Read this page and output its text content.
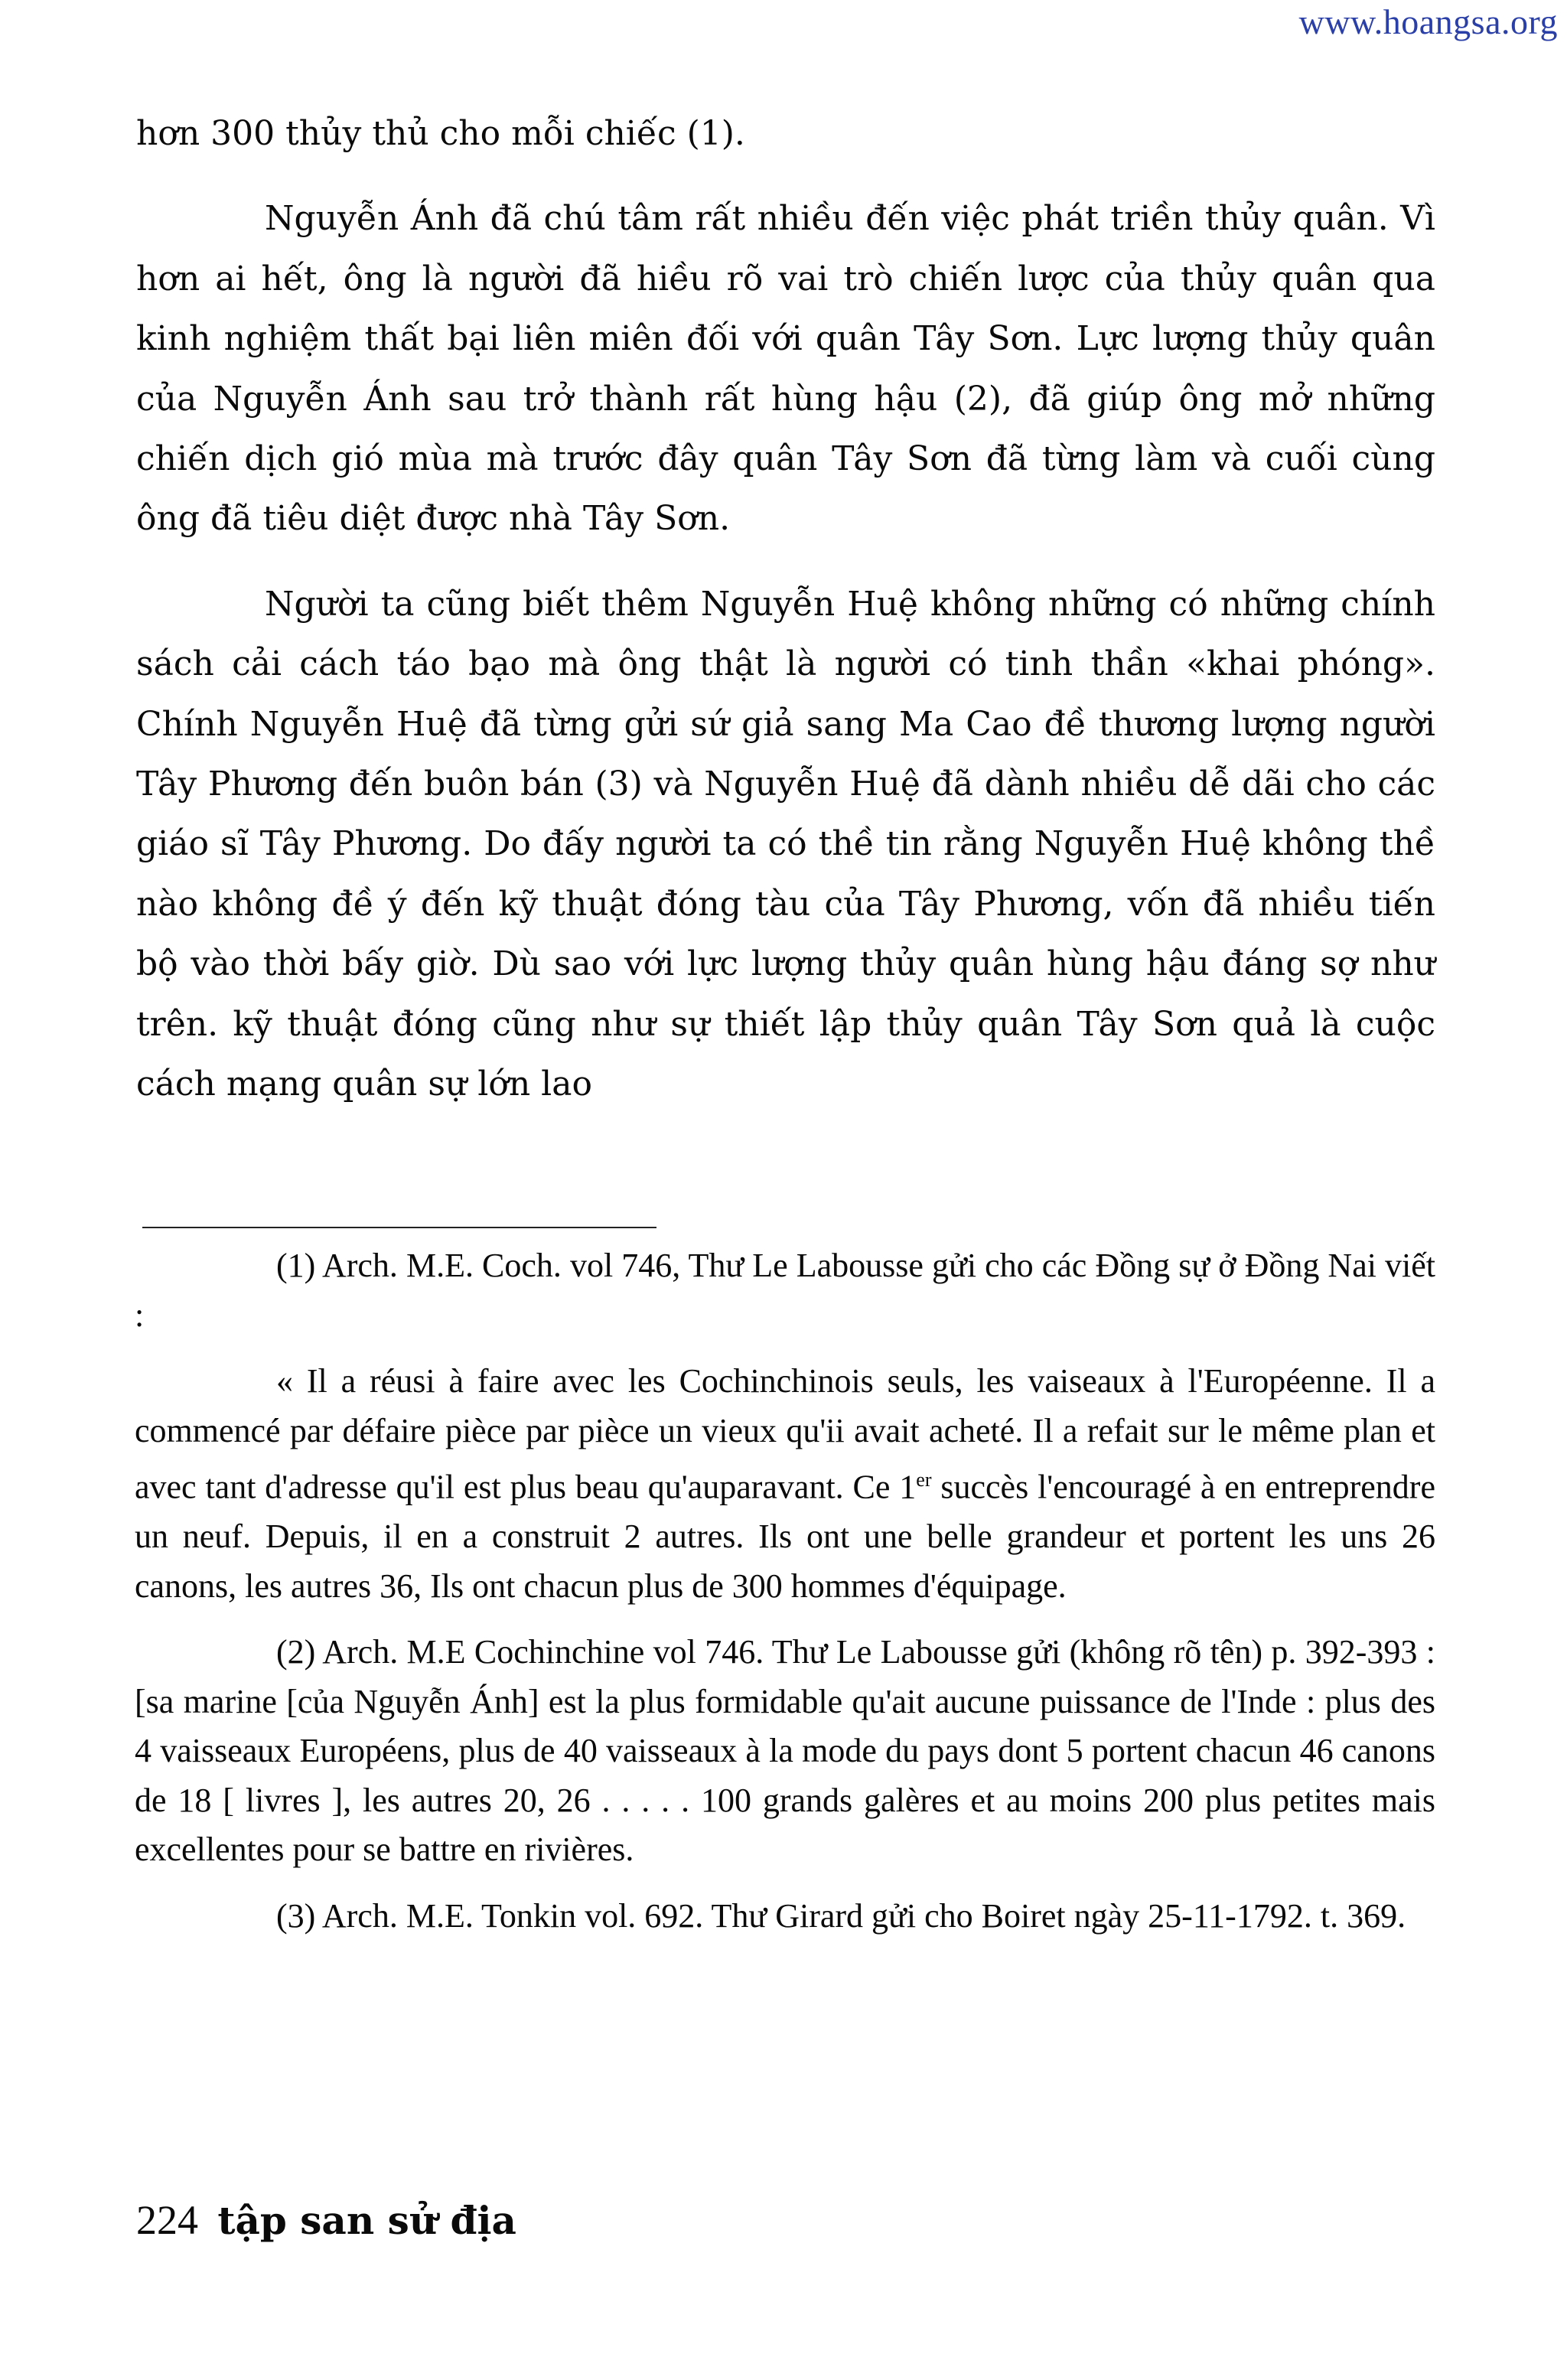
www.hoangsa.org

hơn 300 thủy thủ cho mỗi chiếc (1).

Nguyễn Ánh đã chú tâm rất nhiều đến việc phát triền thủy quân. Vì hơn ai hết, ông là người đã hiều rõ vai trò chiến lược của thủy quân qua kinh nghiệm thất bại liên miên đối với quân Tây Sơn. Lực lượng thủy quân của Nguyễn Ánh sau trở thành rất hùng hậu (2), đã giúp ông mở những chiến dịch gió mùa mà trước đây quân Tây Sơn đã từng làm và cuối cùng ông đã tiêu diệt được nhà Tây Sơn.

Người ta cũng biết thêm Nguyễn Huệ không những có những chính sách cải cách táo bạo mà ông thật là người có tinh thần «khai phóng». Chính Nguyễn Huệ đã từng gửi sứ giả sang Ma Cao đề thương lượng người Tây Phương đến buôn bán (3) và Nguyễn Huệ đã dành nhiều dễ dãi cho các giáo sĩ Tây Phương. Do đấy người ta có thề tin rằng Nguyễn Huệ không thề nào không đề ý đến kỹ thuật đóng tàu của Tây Phương, vốn đã nhiều tiến bộ vào thời bấy giờ. Dù sao với lực lượng thủy quân hùng hậu đáng sợ như trên. kỹ thuật đóng cũng như sự thiết lập thủy quân Tây Sơn quả là cuộc cách mạng quân sự lớn lao

(1) Arch. M.E. Coch. vol 746, Thư Le Labousse gửi cho các Đồng sự ở Đồng Nai viết :

« Il a réusi à faire avec les Cochinchinois seuls, les vaiseaux à l'Européenne. Il a commencé par défaire pièce par pièce un vieux qu'ii avait acheté. Il a refait sur le même plan et avec tant d'adresse qu'il est plus beau qu'auparavant. Ce 1er succès l'encouragé à en entreprendre un neuf. Depuis, il en a construit 2 autres. Ils ont une belle grandeur et portent les uns 26 canons, les autres 36, Ils ont chacun plus de 300 hommes d'équipage.

(2) Arch. M.E Cochinchine vol 746. Thư Le Labousse gửi (không rõ tên) p. 392-393 : [sa marine [của Nguyễn Ánh] est la plus formidable qu'ait aucune puissance de l'Inde : plus des 4 vaisseaux Européens, plus de 40 vaisseaux à la mode du pays dont 5 portent chacun 46 canons de 18 [ livres ], les autres 20, 26 . . . . . 100 grands galères et au moins 200 plus petites mais excellentes pour se battre en rivières.

(3) Arch. M.E. Tonkin vol. 692. Thư Girard gửi cho Boiret ngày 25-11-1792. t. 369.

224 tập san sử địa
